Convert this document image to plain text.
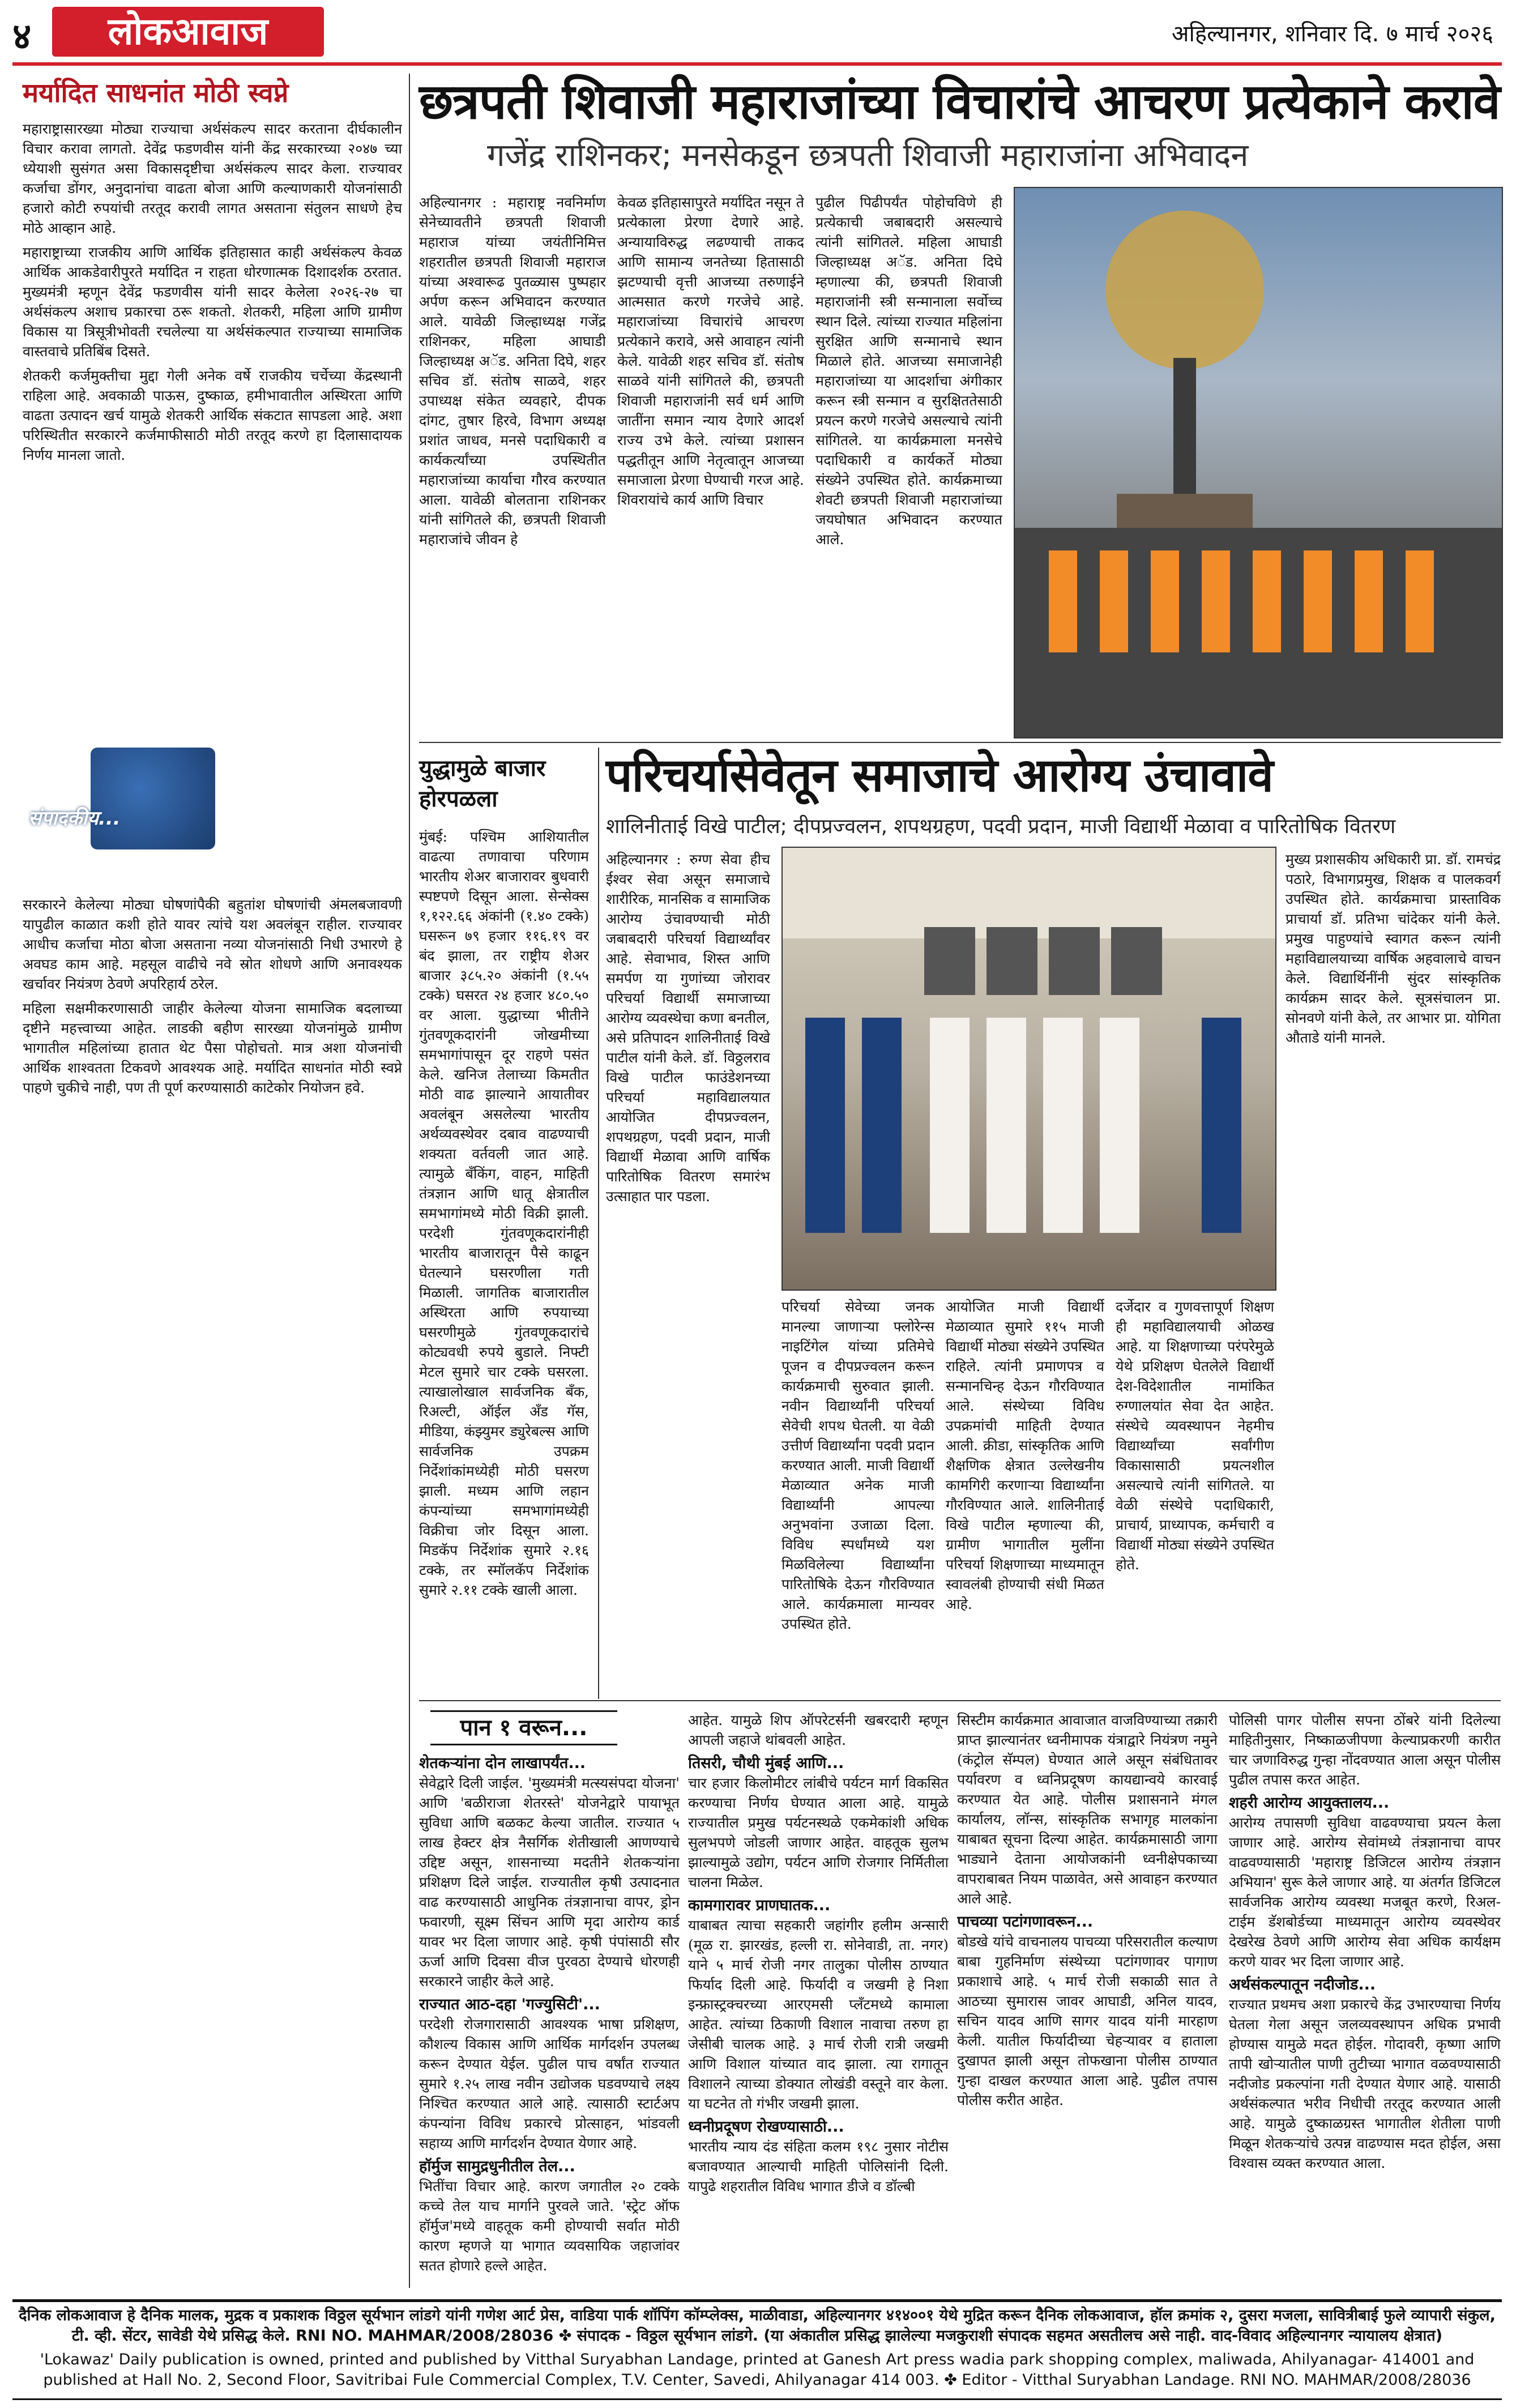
४	लोकआवाज	अहिल्यानगर, शनिवार दि. ७ मार्च २०२६
मर्यादित साधनांत मोठी स्वप्ने

महाराष्ट्रासारख्या मोठ्या राज्याचा अर्थसंकल्प सादर करताना दीर्घकालीन विचार करावा लागतो. देवेंद्र फडणवीस यांनी केंद्र सरकारच्या २०४७ च्या ध्येयाशी सुसंगत असा विकासदृष्टीचा अर्थसंकल्प सादर केला. राज्यावर कर्जाचा डोंगर, अनुदानांचा वाढता बोजा आणि कल्याणकारी योजनांसाठी हजारो कोटी रुपयांची तरतूद करावी लागत असताना संतुलन साधणे हेच मोठे आव्हान आहे.

महाराष्ट्राच्या राजकीय आणि आर्थिक इतिहासात काही अर्थसंकल्प केवळ आर्थिक आकडेवारीपुरते मर्यादित न राहता धोरणात्मक दिशादर्शक ठरतात. मुख्यमंत्री म्हणून देवेंद्र फडणवीस यांनी सादर केलेला २०२६-२७ चा अर्थसंकल्प अशाच प्रकारचा ठरू शकतो. शेतकरी, महिला आणि ग्रामीण विकास या त्रिसूत्रीभोवती रचलेल्या या अर्थसंकल्पात राज्याच्या सामाजिक वास्तवाचे प्रतिबिंब दिसते.

शेतकरी कर्जमुक्तीचा मुद्दा गेली अनेक वर्षे राजकीय चर्चेच्या केंद्रस्थानी राहिला आहे. अवकाळी पाऊस, दुष्काळ, हमीभावातील अस्थिरता आणि वाढता उत्पादन खर्च यामुळे शेतकरी आर्थिक संकटात सापडला आहे. अशा परिस्थितीत सरकारने कर्जमाफीसाठी मोठी तरतूद करणे हा दिलासादायक निर्णय मानला जातो.

संपादकीय...

सरकारने केलेल्या मोठ्या घोषणांपैकी बहुतांश घोषणांची अंमलबजावणी यापुढील काळात कशी होते यावर त्यांचे यश अवलंबून राहील. राज्यावर आधीच कर्जाचा मोठा बोजा असताना नव्या योजनांसाठी निधी उभारणे हे अवघड काम आहे. महसूल वाढीचे नवे स्रोत शोधणे आणि अनावश्यक खर्चावर नियंत्रण ठेवणे अपरिहार्य ठरेल.

महिला सक्षमीकरणासाठी जाहीर केलेल्या योजना सामाजिक बदलाच्या दृष्टीने महत्त्वाच्या आहेत. लाडकी बहीण सारख्या योजनांमुळे ग्रामीण भागातील महिलांच्या हातात थेट पैसा पोहोचतो. मात्र अशा योजनांची आर्थिक शाश्वतता टिकवणे आवश्यक आहे. मर्यादित साधनांत मोठी स्वप्ने पाहणे चुकीचे नाही, पण ती पूर्ण करण्यासाठी काटेकोर नियोजन हवे.

छत्रपती शिवाजी महाराजांच्या विचारांचे आचरण प्रत्येकाने करावे
गजेंद्र राशिनकर; मनसेकडून छत्रपती शिवाजी महाराजांना अभिवादन
अहिल्यानगर : महाराष्ट्र नवनिर्माण सेनेच्यावतीने छत्रपती शिवाजी महाराज यांच्या जयंतीनिमित्त शहरातील छत्रपती शिवाजी महाराज यांच्या अश्वारूढ पुतळ्यास पुष्पहार अर्पण करून अभिवादन करण्यात आले. यावेळी जिल्हाध्यक्ष गजेंद्र राशिनकर, महिला आघाडी जिल्हाध्यक्ष अॅड. अनिता दिघे, शहर सचिव डॉ. संतोष साळवे, शहर उपाध्यक्ष संकेत व्यवहारे, दीपक दांगट, तुषार हिरवे, विभाग अध्यक्ष प्रशांत जाधव, मनसे पदाधिकारी व कार्यकर्त्यांच्या उपस्थितीत महाराजांच्या कार्याचा गौरव करण्यात आला. यावेळी बोलताना राशिनकर यांनी सांगितले की, छत्रपती शिवाजी महाराजांचे जीवन हे
केवळ इतिहासापुरते मर्यादित नसून ते प्रत्येकाला प्रेरणा देणारे आहे. अन्यायाविरुद्ध लढण्याची ताकद आणि सामान्य जनतेच्या हितासाठी झटण्याची वृत्ती आजच्या तरुणाईने आत्मसात करणे गरजेचे आहे. महाराजांच्या विचारांचे आचरण प्रत्येकाने करावे, असे आवाहन त्यांनी केले. यावेळी शहर सचिव डॉ. संतोष साळवे यांनी सांगितले की, छत्रपती शिवाजी महाराजांनी सर्व धर्म आणि जातींना समान न्याय देणारे आदर्श राज्य उभे केले. त्यांच्या प्रशासन पद्धतीतून आणि नेतृत्वातून आजच्या समाजाला प्रेरणा घेण्याची गरज आहे. शिवरायांचे कार्य आणि विचार
पुढील पिढीपर्यंत पोहोचविणे ही प्रत्येकाची जबाबदारी असल्याचे त्यांनी सांगितले. महिला आघाडी जिल्हाध्यक्ष अॅड. अनिता दिघे म्हणाल्या की, छत्रपती शिवाजी महाराजांनी स्त्री सन्मानाला सर्वोच्च स्थान दिले. त्यांच्या राज्यात महिलांना सुरक्षित आणि सन्मानाचे स्थान मिळाले होते. आजच्या समाजानेही महाराजांच्या या आदर्शाचा अंगीकार करून स्त्री सन्मान व सुरक्षिततेसाठी प्रयत्न करणे गरजेचे असल्याचे त्यांनी सांगितले. या कार्यक्रमाला मनसेचे पदाधिकारी व कार्यकर्ते मोठ्या संख्येने उपस्थित होते. कार्यक्रमाच्या शेवटी छत्रपती शिवाजी महाराजांच्या जयघोषात अभिवादन करण्यात आले.
युद्धामुळे बाजार होरपळला
मुंबई: पश्चिम आशियातील वाढत्या तणावाचा परिणाम भारतीय शेअर बाजारावर बुधवारी स्पष्टपणे दिसून आला. सेन्सेक्स १,१२२.६६ अंकांनी (१.४० टक्के) घसरून ७९ हजार ११६.१९ वर बंद झाला, तर राष्ट्रीय शेअर बाजार ३८५.२० अंकांनी (१.५५ टक्के) घसरत २४ हजार ४८०.५० वर आला. युद्धाच्या भीतीने गुंतवणूकदारांनी जोखमीच्या समभागांपासून दूर राहणे पसंत केले. खनिज तेलाच्या किमतीत मोठी वाढ झाल्याने आयातीवर अवलंबून असलेल्या भारतीय अर्थव्यवस्थेवर दबाव वाढण्याची शक्यता वर्तवली जात आहे. त्यामुळे बँकिंग, वाहन, माहिती तंत्रज्ञान आणि धातू क्षेत्रातील समभागांमध्ये मोठी विक्री झाली. परदेशी गुंतवणूकदारांनीही भारतीय बाजारातून पैसे काढून घेतल्याने घसरणीला गती मिळाली. जागतिक बाजारातील अस्थिरता आणि रुपयाच्या घसरणीमुळे गुंतवणूकदारांचे कोट्यवधी रुपये बुडाले. निफ्टी मेटल सुमारे चार टक्के घसरला. त्याखालोखाल सार्वजनिक बँक, रिअल्टी, ऑईल अँड गॅस, मीडिया, कंझ्युमर ड्युरेबल्स आणि सार्वजनिक उपक्रम निर्देशांकांमध्येही मोठी घसरण झाली. मध्यम आणि लहान कंपन्यांच्या समभागांमध्येही विक्रीचा जोर दिसून आला. मिडकॅप निर्देशांक सुमारे २.१६ टक्के, तर स्मॉलकॅप निर्देशांक सुमारे २.११ टक्के खाली आला.
परिचर्यासेवेतून समाजाचे आरोग्य उंचावावे
शालिनीताई विखे पाटील; दीपप्रज्वलन, शपथग्रहण, पदवी प्रदान, माजी विद्यार्थी मेळावा व पारितोषिक वितरण
अहिल्यानगर : रुग्ण सेवा हीच ईश्वर सेवा असून समाजाचे शारीरिक, मानसिक व सामाजिक आरोग्य उंचावण्याची मोठी जबाबदारी परिचर्या विद्यार्थ्यांवर आहे. सेवाभाव, शिस्त आणि समर्पण या गुणांच्या जोरावर परिचर्या विद्यार्थी समाजाच्या आरोग्य व्यवस्थेचा कणा बनतील, असे प्रतिपादन शालिनीताई विखे पाटील यांनी केले. डॉ. विठ्ठलराव विखे पाटील फाउंडेशनच्या परिचर्या महाविद्यालयात आयोजित दीपप्रज्वलन, शपथग्रहण, पदवी प्रदान, माजी विद्यार्थी मेळावा आणि वार्षिक पारितोषिक वितरण समारंभ उत्साहात पार पडला.
परिचर्या सेवेच्या जनक मानल्या जाणाऱ्या फ्लोरेन्स नाइटिंगेल यांच्या प्रतिमेचे पूजन व दीपप्रज्वलन करून कार्यक्रमाची सुरुवात झाली. नवीन विद्यार्थ्यांनी परिचर्या सेवेची शपथ घेतली. या वेळी उत्तीर्ण विद्यार्थ्यांना पदवी प्रदान करण्यात आली. माजी विद्यार्थी मेळाव्यात अनेक माजी विद्यार्थ्यांनी आपल्या अनुभवांना उजाळा दिला. विविध स्पर्धांमध्ये यश मिळविलेल्या विद्यार्थ्यांना पारितोषिके देऊन गौरविण्यात आले. कार्यक्रमाला मान्यवर उपस्थित होते.
आयोजित माजी विद्यार्थी मेळाव्यात सुमारे ११५ माजी विद्यार्थी मोठ्या संख्येने उपस्थित राहिले. त्यांनी प्रमाणपत्र व सन्मानचिन्ह देऊन गौरविण्यात आले. संस्थेच्या विविध उपक्रमांची माहिती देण्यात आली. क्रीडा, सांस्कृतिक आणि शैक्षणिक क्षेत्रात उल्लेखनीय कामगिरी करणाऱ्या विद्यार्थ्यांना गौरविण्यात आले. शालिनीताई विखे पाटील म्हणाल्या की, ग्रामीण भागातील मुलींना परिचर्या शिक्षणाच्या माध्यमातून स्वावलंबी होण्याची संधी मिळत आहे.
दर्जेदार व गुणवत्तापूर्ण शिक्षण ही महाविद्यालयाची ओळख आहे. या शिक्षणाच्या परंपरेमुळे येथे प्रशिक्षण घेतलेले विद्यार्थी देश-विदेशातील नामांकित रुग्णालयांत सेवा देत आहेत. संस्थेचे व्यवस्थापन नेहमीच विद्यार्थ्यांच्या सर्वांगीण विकासासाठी प्रयत्नशील असल्याचे त्यांनी सांगितले. या वेळी संस्थेचे पदाधिकारी, प्राचार्य, प्राध्यापक, कर्मचारी व विद्यार्थी मोठ्या संख्येने उपस्थित होते.
मुख्य प्रशासकीय अधिकारी प्रा. डॉ. रामचंद्र पठारे, विभागप्रमुख, शिक्षक व पालकवर्ग उपस्थित होते. कार्यक्रमाचा प्रास्ताविक प्राचार्या डॉ. प्रतिभा चांदेकर यांनी केले. प्रमुख पाहुण्यांचे स्वागत करून त्यांनी महाविद्यालयाच्या वार्षिक अहवालाचे वाचन केले. विद्यार्थिनींनी सुंदर सांस्कृतिक कार्यक्रम सादर केले. सूत्रसंचालन प्रा. सोनवणे यांनी केले, तर आभार प्रा. योगिता औताडे यांनी मानले.
पान १ वरून...
शेतकऱ्यांना दोन लाखापर्यंत...
सेवेद्वारे दिली जाईल. 'मुख्यमंत्री मत्स्यसंपदा योजना' आणि 'बळीराजा शेतरस्ते' योजनेद्वारे पायाभूत सुविधा आणि बळकट केल्या जातील. राज्यात ५ लाख हेक्टर क्षेत्र नैसर्गिक शेतीखाली आणण्याचे उद्दिष्ट असून, शासनाच्या मदतीने शेतकऱ्यांना प्रशिक्षण दिले जाईल. राज्यातील कृषी उत्पादनात वाढ करण्यासाठी आधुनिक तंत्रज्ञानाचा वापर, ड्रोन फवारणी, सूक्ष्म सिंचन आणि मृदा आरोग्य कार्ड यावर भर दिला जाणार आहे. कृषी पंपांसाठी सौर ऊर्जा आणि दिवसा वीज पुरवठा देण्याचे धोरणही सरकारने जाहीर केले आहे.
राज्यात आठ-दहा 'गज्युसिटी'...
परदेशी रोजगारासाठी आवश्यक भाषा प्रशिक्षण, कौशल्य विकास आणि आर्थिक मार्गदर्शन उपलब्ध करून देण्यात येईल. पुढील पाच वर्षांत राज्यात सुमारे १.२५ लाख नवीन उद्योजक घडवण्याचे लक्ष्य निश्चित करण्यात आले आहे. त्यासाठी स्टार्टअप कंपन्यांना विविध प्रकारचे प्रोत्साहन, भांडवली सहाय्य आणि मार्गदर्शन देण्यात येणार आहे.
हॉर्मुज सामुद्रधुनीतील तेल...
भितींचा विचार आहे. कारण जगातील २० टक्के कच्चे तेल याच मार्गाने पुरवले जाते. 'स्ट्रेट ऑफ हॉर्मुज'मध्ये वाहतूक कमी होण्याची सर्वात मोठी कारण म्हणजे या भागात व्यवसायिक जहाजांवर सतत होणारे हल्ले आहेत.
आहेत. यामुळे शिप ऑपरेटर्सनी खबरदारी म्हणून आपली जहाजे थांबवली आहेत.
तिसरी, चौथी मुंबई आणि...
चार हजार किलोमीटर लांबीचे पर्यटन मार्ग विकसित करण्याचा निर्णय घेण्यात आला आहे. यामुळे राज्यातील प्रमुख पर्यटनस्थळे एकमेकांशी अधिक सुलभपणे जोडली जाणार आहेत. वाहतूक सुलभ झाल्यामुळे उद्योग, पर्यटन आणि रोजगार निर्मितीला चालना मिळेल.
कामगारावर प्राणघातक...
याबाबत त्याचा सहकारी जहांगीर हलीम अन्सारी (मूळ रा. झारखंड, हल्ली रा. सोनेवाडी, ता. नगर) याने ५ मार्च रोजी नगर तालुका पोलीस ठाण्यात फिर्याद दिली आहे. फिर्यादी व जखमी हे निशा इन्फ्रास्ट्रक्चरच्या आरएमसी प्लँटमध्ये कामाला आहेत. त्यांच्या ठिकाणी विशाल नावाचा तरुण हा जेसीबी चालक आहे. ३ मार्च रोजी रात्री जखमी आणि विशाल यांच्यात वाद झाला. त्या रागातून विशालने त्याच्या डोक्यात लोखंडी वस्तूने वार केला. या घटनेत तो गंभीर जखमी झाला.
ध्वनीप्रदूषण रोखण्यासाठी...
भारतीय न्याय दंड संहिता कलम १९८ नुसार नोटीस बजावण्यात आल्याची माहिती पोलिसांनी दिली. यापुढे शहरातील विविध भागात डीजे व डॉल्बी
सिस्टीम कार्यक्रमात आवाजात वाजविण्याच्या तक्रारी प्राप्त झाल्यानंतर ध्वनीमापक यंत्राद्वारे नियंत्रण नमुने (कंट्रोल सॅम्पल) घेण्यात आले असून संबंधितावर पर्यावरण व ध्वनिप्रदूषण कायद्यान्वये कारवाई करण्यात येत आहे. पोलीस प्रशासनाने मंगल कार्यालय, लॉन्स, सांस्कृतिक सभागृह मालकांना याबाबत सूचना दिल्या आहेत. कार्यक्रमासाठी जागा भाड्याने देताना आयोजकांनी ध्वनीक्षेपकाच्या वापराबाबत नियम पाळावेत, असे आवाहन करण्यात आले आहे.
पाचव्या पटांगणावरून...
बोडखे यांचे वाचनालय पाचव्या परिसरातील कल्याण बाबा गुहनिर्माण संस्थेच्या पटांगणावर पागाण प्रकाशाचे आहे. ५ मार्च रोजी सकाळी सात ते आठच्या सुमारास जावर आघाडी, अनिल यादव, सचिन यादव आणि सागर यादव यांनी मारहाण केली. यातील फिर्यादीच्या चेहऱ्यावर व हाताला दुखापत झाली असून तोफखाना पोलीस ठाण्यात गुन्हा दाखल करण्यात आला आहे. पुढील तपास पोलीस करीत आहेत.
पोलिसी पागर पोलीस सपना ठोंबरे यांनी दिलेल्या माहितीनुसार, निष्काळजीपणा केल्याप्रकरणी कारीत चार जणाविरुद्ध गुन्हा नोंदवण्यात आला असून पोलीस पुढील तपास करत आहेत.
शहरी आरोग्य आयुक्तालय...
आरोग्य तपासणी सुविधा वाढवण्याचा प्रयत्न केला जाणार आहे. आरोग्य सेवांमध्ये तंत्रज्ञानाचा वापर वाढवण्यासाठी 'महाराष्ट्र डिजिटल आरोग्य तंत्रज्ञान अभियान' सुरू केले जाणार आहे. या अंतर्गत डिजिटल सार्वजनिक आरोग्य व्यवस्था मजबूत करणे, रिअल-टाईम डॅशबोर्डच्या माध्यमातून आरोग्य व्यवस्थेवर देखरेख ठेवणे आणि आरोग्य सेवा अधिक कार्यक्षम करणे यावर भर दिला जाणार आहे.
अर्थसंकल्पातून नदीजोड...
राज्यात प्रथमच अशा प्रकारचे केंद्र उभारण्याचा निर्णय घेतला गेला असून जलव्यवस्थापन अधिक प्रभावी होण्यास यामुळे मदत होईल. गोदावरी, कृष्णा आणि तापी खोऱ्यातील पाणी तुटीच्या भागात वळवण्यासाठी नदीजोड प्रकल्पांना गती देण्यात येणार आहे. यासाठी अर्थसंकल्पात भरीव निधीची तरतूद करण्यात आली आहे. यामुळे दुष्काळग्रस्त भागातील शेतीला पाणी मिळून शेतकऱ्यांचे उत्पन्न वाढण्यास मदत होईल, असा विश्वास व्यक्त करण्यात आला.

दैनिक लोकआवाज हे दैनिक मालक, मुद्रक व प्रकाशक विठ्ठल सूर्यभान लांडगे यांनी गणेश आर्ट प्रेस, वाडिया पार्क शॉपिंग कॉम्प्लेक्स, माळीवाडा, अहिल्यानगर ४१४००१ येथे मुद्रित करून दैनिक लोकआवाज, हॉल क्रमांक २, दुसरा मजला, सावित्रीबाई फुले व्यापारी संकुल, टी. व्ही. सेंटर, सावेडी येथे प्रसिद्ध केले. RNI NO. MAHMAR/2008/28036 ✤ संपादक - विठ्ठल सूर्यभान लांडगे. (या अंकातील प्रसिद्ध झालेल्या मजकुराशी संपादक सहमत असतीलच असे नाही. वाद-विवाद अहिल्यानगर न्यायालय क्षेत्रात)

'Lokawaz' Daily publication is owned, printed and published by Vitthal Suryabhan Landage, printed at Ganesh Art press wadia park shopping complex, maliwada, Ahilyanagar- 414001 and published at Hall No. 2, Second Floor, Savitribai Fule Commercial Complex, T.V. Center, Savedi, Ahilyanagar 414 003. ✤ Editor - Vitthal Suryabhan Landage. RNI NO. MAHMAR/2008/28036
